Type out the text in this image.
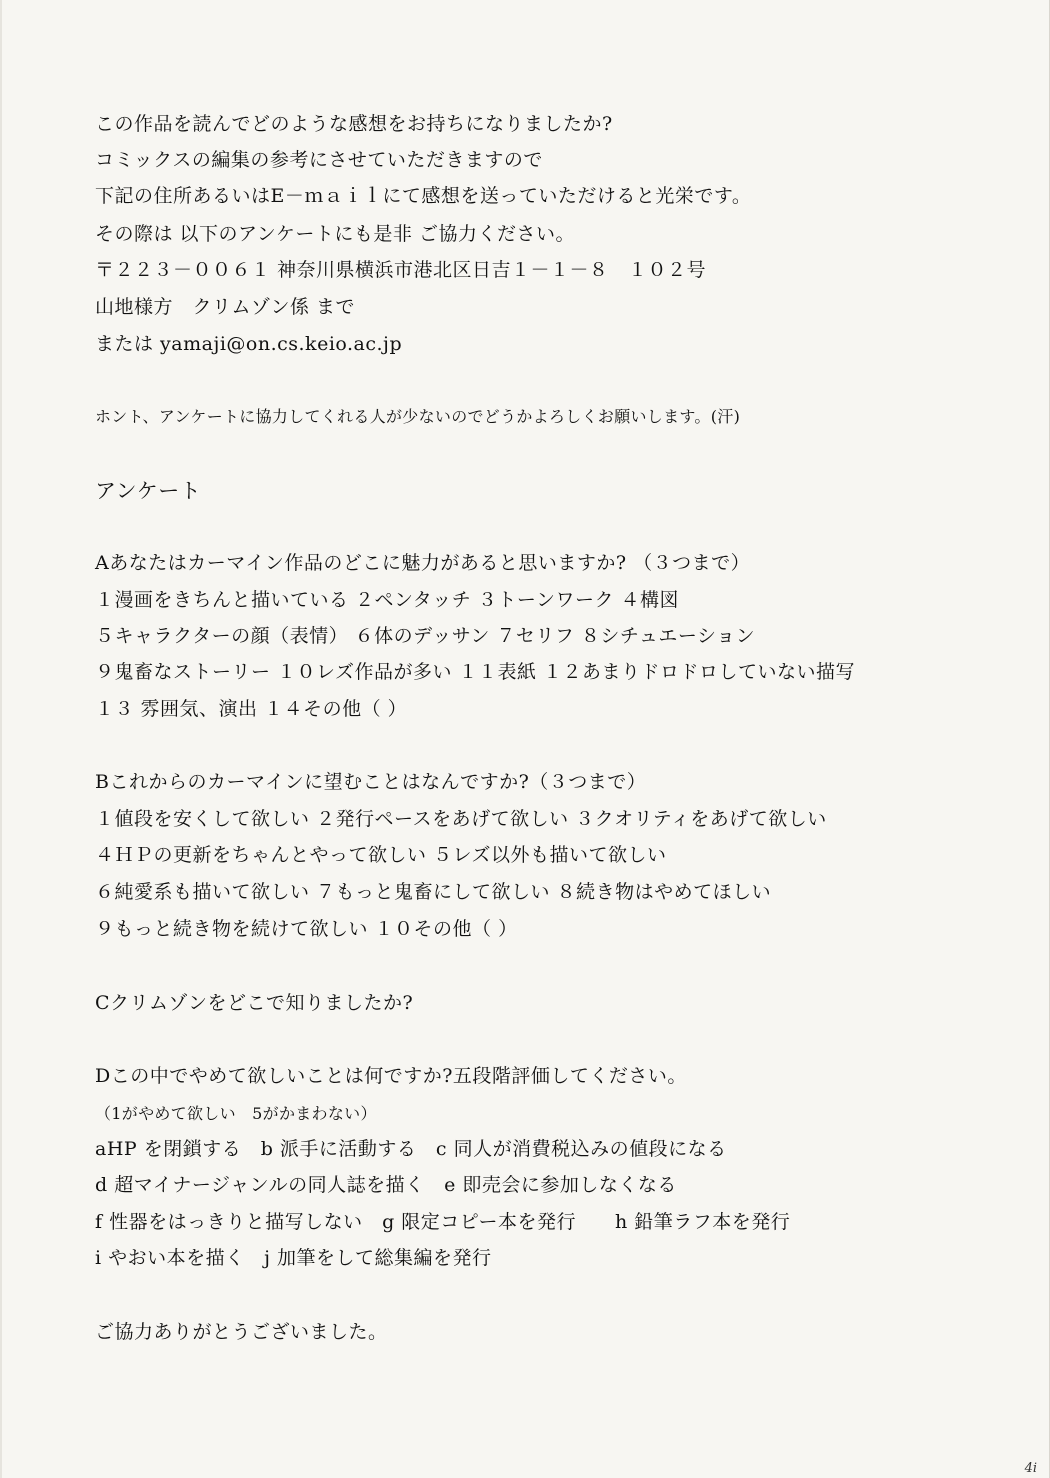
この作品を読んでどのような感想をお持ちになりましたか?
コミックスの編集の参考にさせていただきますので
下記の住所あるいはE－ｍａｉｌにて感想を送っていただけると光栄です。
その際は 以下のアンケートにも是非 ご協力ください。
〒２２３－００６１ 神奈川県横浜市港北区日吉１－１－８　１０２号
山地様方　クリムゾン係 まで
または yamaji@on.cs.keio.ac.jp
ホント、アンケートに協力してくれる人が少ないのでどうかよろしくお願いします。(汗)
アンケート
Aあなたはカーマイン作品のどこに魅力があると思いますか? （３つまで）
１漫画をきちんと描いている ２ペンタッチ ３トーンワーク ４構図
５キャラクターの顔（表情） ６体のデッサン ７セリフ ８シチュエーション
９鬼畜なストーリー １０レズ作品が多い １１表紙 １２あまりドロドロしていない描写
１３ 雰囲気、演出 １４その他（ ）
Bこれからのカーマインに望むことはなんですか?（３つまで）
１値段を安くして欲しい ２発行ペースをあげて欲しい ３クオリティをあげて欲しい
４ＨＰの更新をちゃんとやって欲しい ５レズ以外も描いて欲しい
６純愛系も描いて欲しい ７もっと鬼畜にして欲しい ８続き物はやめてほしい
９もっと続き物を続けて欲しい １０その他（ ）
Cクリムゾンをどこで知りましたか?
Dこの中でやめて欲しいことは何ですか?五段階評価してください。
（1がやめて欲しい　5がかまわない）
aHP を閉鎖する　b 派手に活動する　c 同人が消費税込みの値段になる
d 超マイナージャンルの同人誌を描く　e 即売会に参加しなくなる
f 性器をはっきりと描写しない　g 限定コピー本を発行　　h 鉛筆ラフ本を発行
i やおい本を描く　j 加筆をして総集編を発行
ご協力ありがとうございました。
4i
